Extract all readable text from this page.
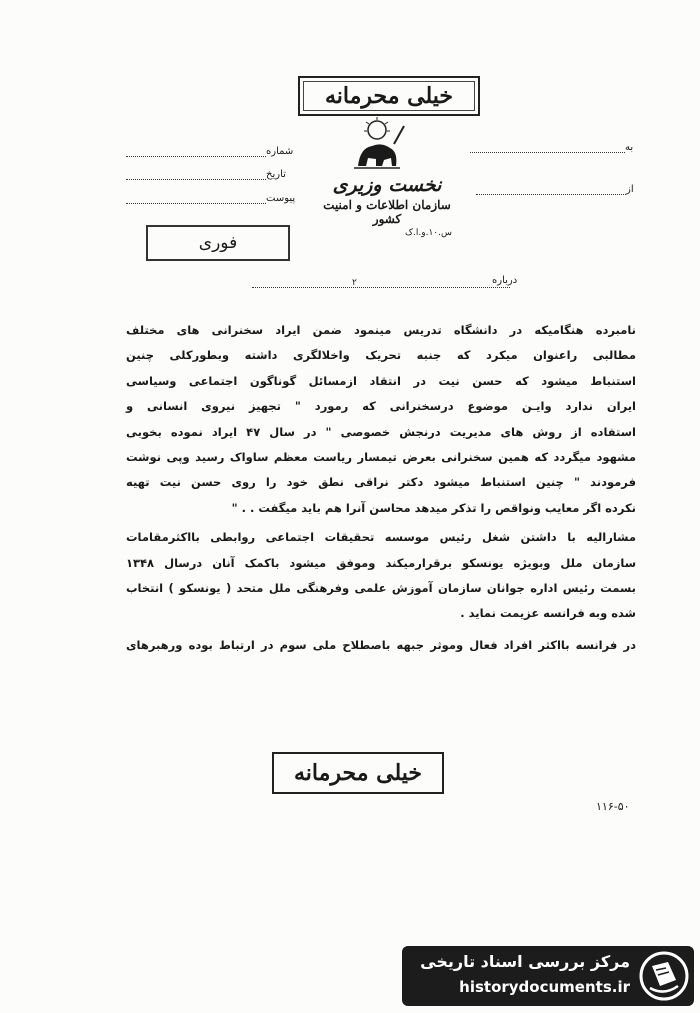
خیلی محرمانه
شماره
تاریخ
پیوست
به
از
نخست وزیری
سازمان اطلاعات و امنیت کشور
س.۱۰.و.ا.ک
فوری
درباره
۲

نامبرده هنگامیکه در دانشگاه تدریس مینمود ضمن ایراد سخنرانی های مختلف

مطالبی راعنوان میکرد که جنبه تحریک واخلالگری داشته وبطورکلی چنین

استنباط میشود که حسن نیت در انتقاد ازمسائل گوناگون اجتماعی وسیاسی

ایران ندارد وایـن موضوع درسخنرانی که رمورد " تجهیز نیروی انسانی و

استفاده از روش های مدیریت درنجش خصوصی " در سال ۴۷ ایراد نموده بخوبی

مشهود میگردد که همین سخنرانی بعرض تیمسار ریاست معظم ساواک رسید وپی نوشت

فرمودند " چنین استنباط میشود دکتر نراقی نطق خود را روی حسن نیت تهیه

نکرده اگر معایب ونواقص را تذکر میدهد محاسن آنرا هم باید میگفت . . "

مشارالیه با داشتن شغل رئیس موسسه تحقیقات اجتماعی روابطی بااکثرمقامات

سازمان ملل وبویژه یونسکو برقرارمیکند وموفق میشود باکمک آنان درسال ۱۳۴۸

بسمت رئیس اداره جوانان سازمان آموزش علمی وفرهنگی ملل متحد ( یونسکو ) انتخاب

شده وبه فرانسه عزیمت نماید .

در فرانسه بااکثر افراد فعال وموثر جبهه باصطلاح ملی سوم در ارتباط بوده ورهبرهای

خیلی محرمانه
۱۱۶-۵۰
مرکز بررسی اسناد تاریخی
historydocuments.ir
